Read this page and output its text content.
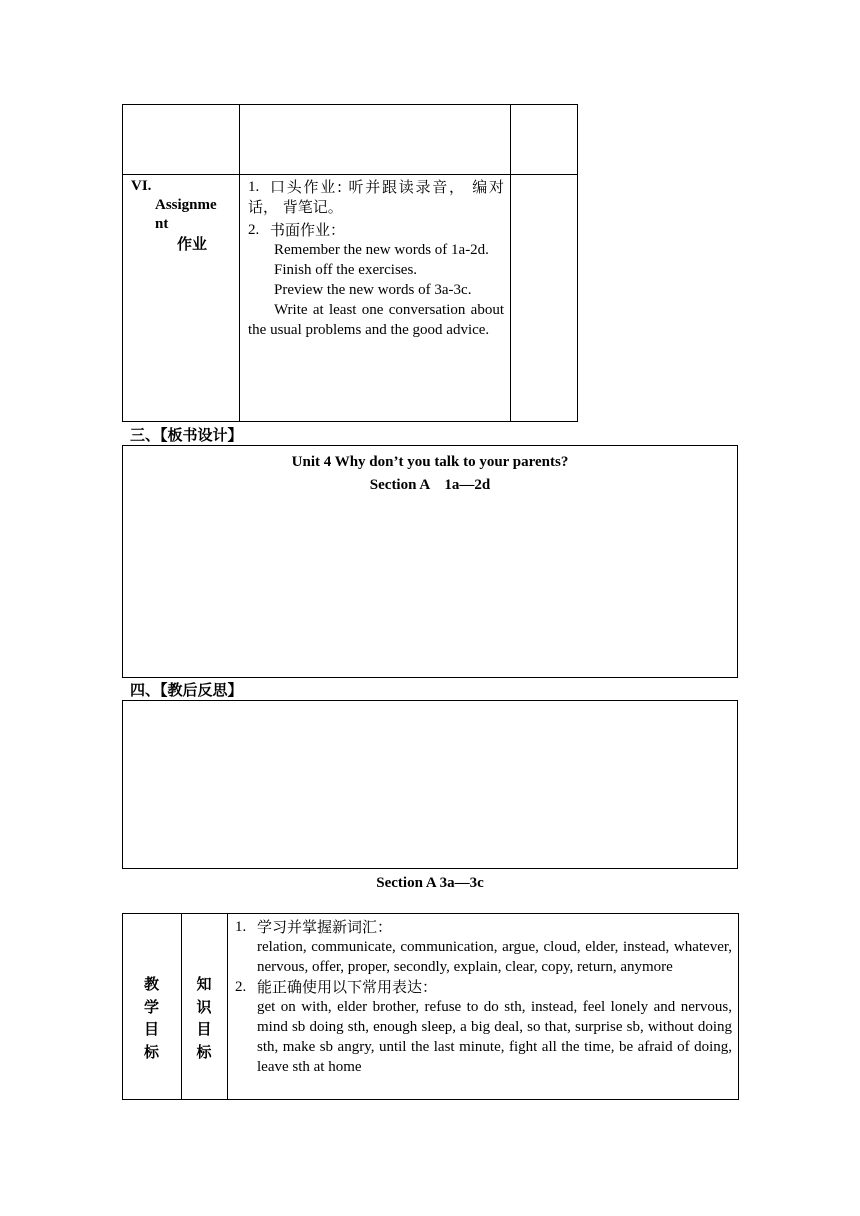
VI.
Assignme
nt
作业
1. 口头作业: 听并跟读录音， 编对话， 背笔记。
2. 书面作业：

Remember the new words of 1a-2d.

Finish off the exercises.

Preview the new words of 3a-3c.

Write at least one conversation about the usual problems and the good advice.

三、【板书设计】
Unit 4 Why don’t you talk to your parents?
Section A　1a—2d
四、【教后反思】
Section A 3a—3c
教
学
目
标
知
识
目
标
1. 学习并掌握新词汇：

relation, communicate, communication, argue, cloud, elder, instead, whatever, nervous, offer, proper, secondly, explain, clear, copy, return, anymore

2. 能正确使用以下常用表达：

get on with, elder brother, refuse to do sth, instead, feel lonely and nervous, mind sb doing sth, enough sleep, a big deal, so that, surprise sb, without doing sth, make sb angry, until the last minute, fight all the time, be afraid of doing, leave sth at home
